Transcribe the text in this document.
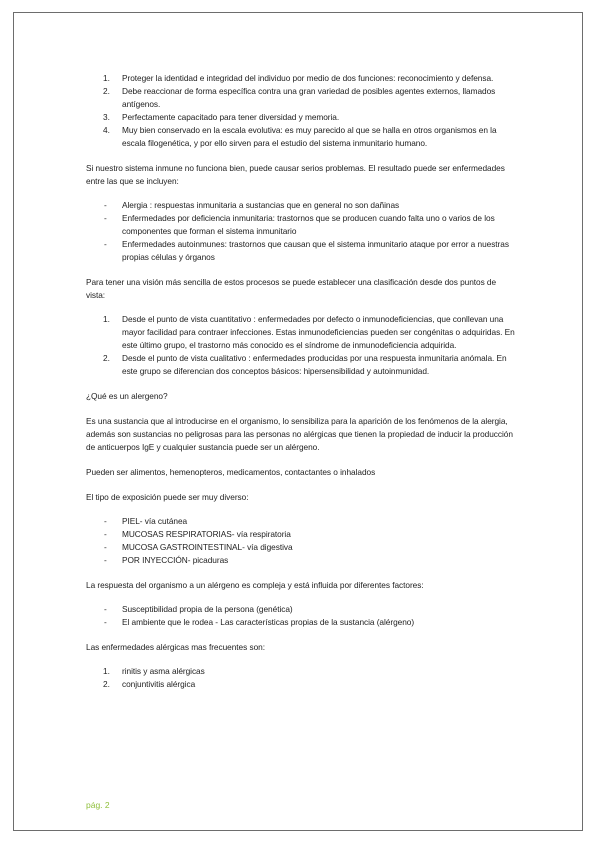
1. Proteger la identidad e integridad del individuo por medio de dos funciones: reconocimiento y defensa.
2. Debe reaccionar de forma específica contra una gran variedad de posibles agentes externos, llamados antígenos.
3. Perfectamente capacitado para tener diversidad y memoria.
4. Muy bien conservado en la escala evolutiva: es muy parecido al que se halla en otros organismos en la escala filogenética, y por ello sirven para el estudio del sistema inmunitario humano.

Si nuestro sistema inmune no funciona bien, puede causar serios problemas. El resultado puede ser enfermedades entre las que se incluyen:

- Alergia : respuestas inmunitaria a sustancias que en general no son dañinas
- Enfermedades por deficiencia inmunitaria: trastornos que se producen cuando falta uno o varios de los componentes que forman el sistema inmunitario
- Enfermedades autoinmunes: trastornos que causan que el sistema inmunitario ataque por error a nuestras propias células y órganos

Para tener una visión más sencilla de estos procesos se puede establecer una clasificación desde dos puntos de vista:

1. Desde el punto de vista cuantitativo : enfermedades por defecto o inmunodeficiencias, que conllevan una mayor facilidad para contraer infecciones. Estas inmunodeficiencias pueden ser congénitas o adquiridas. En este último grupo, el trastorno más conocido es el síndrome de inmunodeficiencia adquirida.
2. Desde el punto de vista cualitativo : enfermedades producidas por una respuesta inmunitaria anómala. En este grupo se diferencian dos conceptos básicos: hipersensibilidad y autoinmunidad.

¿Qué es un alergeno?

Es una sustancia que al introducirse en el organismo, lo sensibiliza para la aparición de los fenómenos de la alergia, además son sustancias no peligrosas para las personas no alérgicas que tienen la propiedad de inducir la producción de anticuerpos IgE y cualquier sustancia puede ser un alérgeno.

Pueden ser alimentos, hemenopteros, medicamentos, contactantes o inhalados

El tipo de exposición puede ser muy diverso:

- PIEL- vía cutánea
- MUCOSAS RESPIRATORIAS- vía respiratoria
- MUCOSA GASTROINTESTINAL- vía digestiva
- POR INYECCIÓN- picaduras

La respuesta del organismo a un alérgeno es compleja y está influida por diferentes factores:

- Susceptibilidad propia de la persona (genética)
- El ambiente que le rodea - Las características propias de la sustancia (alérgeno)

Las enfermedades alérgicas mas frecuentes son:

1. rinitis y asma alérgicas
2. conjuntivitis alérgica
pág. 2
